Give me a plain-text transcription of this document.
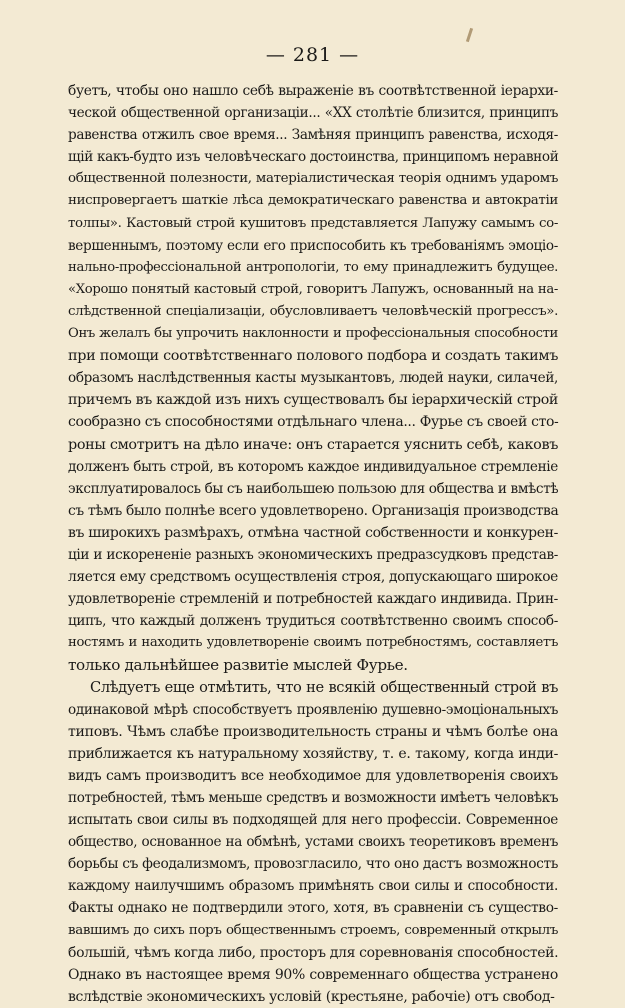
— 281 —
буетъ, чтобы оно нашло себѣ выраженіе въ соотвѣтственной іерархи-
ческой общественной организаціи... «XX столѣтіе близится, принципъ
равенства отжилъ свое время... Замѣняя принципъ равенства, исходя-
щій какъ-будто изъ человѣческаго достоинства, принципомъ неравной
общественной полезности, матеріалистическая теорія однимъ ударомъ
ниспровергаетъ шаткіе лѣса демократическаго равенства и автократіи
толпы». Кастовый строй кушитовъ представляется Лапужу самымъ со-
вершеннымъ, поэтому если его приспособить къ требованіямъ эмоціо-
нально-профессіональной антропологіи, то ему принадлежитъ будущее.
«Хорошо понятый кастовый строй, говоритъ Лапужъ, основанный на на-
слѣдственной спеціализаціи, обусловливаетъ человѣческій прогрессъ».
Онъ желалъ бы упрочить наклонности и профессіональныя способности
при помощи соотвѣтственнаго полового подбора и создать такимъ
образомъ наслѣдственныя касты музыкантовъ, людей науки, силачей,
причемъ въ каждой изъ нихъ существовалъ бы іерархическій строй
сообразно съ способностями отдѣльнаго члена... Фурье съ своей сто-
роны смотритъ на дѣло иначе: онъ старается уяснить себѣ, каковъ
долженъ быть строй, въ которомъ каждое индивидуальное стремленіе
эксплуатировалось бы съ наибольшею пользою для общества и вмѣстѣ
съ тѣмъ было полнѣе всего удовлетворено. Организація производства
въ широкихъ размѣрахъ, отмѣна частной собственности и конкурен-
ціи и искорененіе разныхъ экономическихъ предразсудковъ представ-
ляется ему средствомъ осуществленія строя, допускающаго широкое
удовлетвореніе стремленій и потребностей каждаго индивида. Прин-
ципъ, что каждый долженъ трудиться соотвѣтственно своимъ способ-
ностямъ и находить удовлетвореніе своимъ потребностямъ, составляетъ
только дальнѣйшее развитіе мыслей Фурье.
Слѣдуетъ еще отмѣтить, что не всякій общественный строй въ
одинаковой мѣрѣ способствуетъ проявленію душевно-эмоціональныхъ
типовъ. Чѣмъ слабѣе производительность страны и чѣмъ болѣе она
приближается къ натуральному хозяйству, т. е. такому, когда инди-
видъ самъ производитъ все необходимое для удовлетворенія своихъ
потребностей, тѣмъ меньше средствъ и возможности имѣетъ человѣкъ
испытать свои силы въ подходящей для него профессіи. Современное
общество, основанное на обмѣнѣ, устами своихъ теоретиковъ временъ
борьбы съ феодализмомъ, провозгласило, что оно дастъ возможность
каждому наилучшимъ образомъ примѣнять свои силы и способности.
Факты однако не подтвердили этого, хотя, въ сравненіи съ существо-
вавшимъ до сихъ поръ общественнымъ строемъ, современный открылъ
большій, чѣмъ когда либо, просторъ для соревнованія способностей.
Однако въ настоящее время 90% современнаго общества устранено
вслѣдствіе экономическихъ условій (крестьяне, рабочіе) отъ свобод-
